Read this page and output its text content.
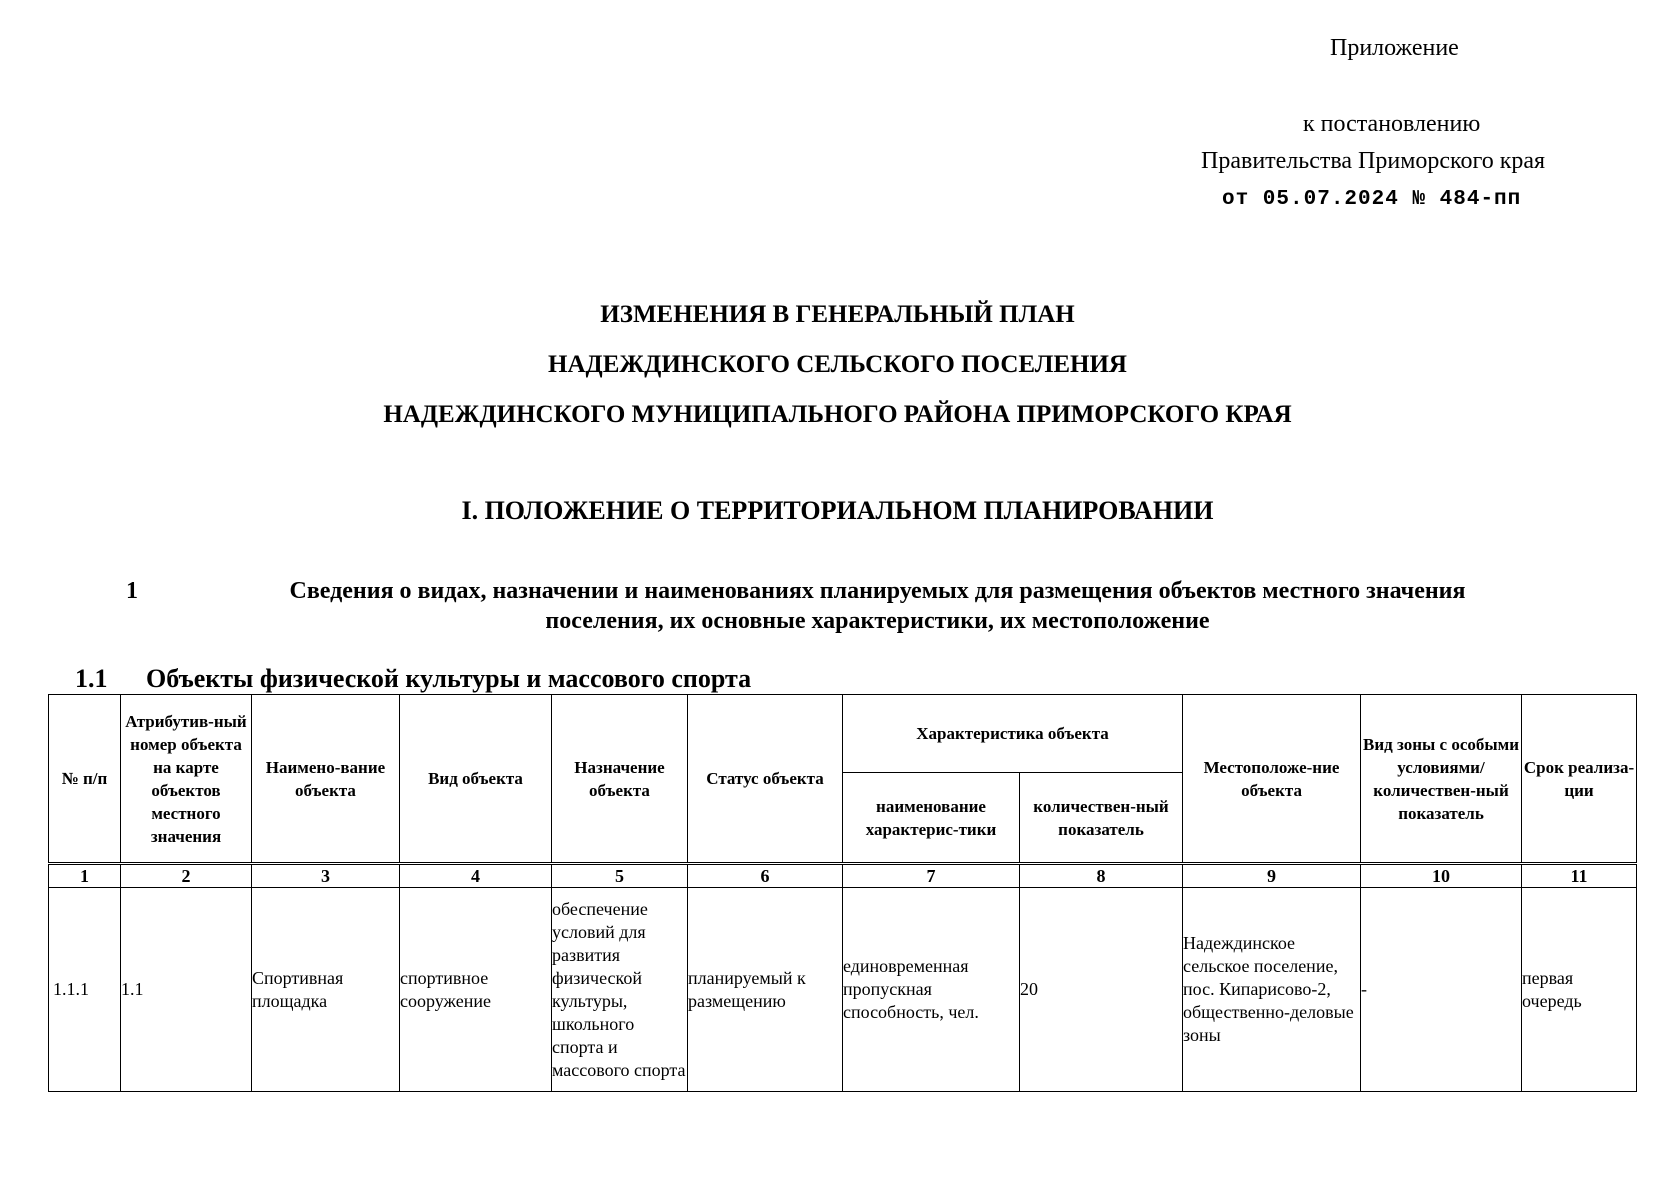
Приложение
к постановлению
Правительства Приморского края
от 05.07.2024 № 484-пп
ИЗМЕНЕНИЯ В ГЕНЕРАЛЬНЫЙ ПЛАН
НАДЕЖДИНСКОГО СЕЛЬСКОГО ПОСЕЛЕНИЯ
НАДЕЖДИНСКОГО МУНИЦИПАЛЬНОГО РАЙОНА ПРИМОРСКОГО КРАЯ
I. ПОЛОЖЕНИЕ О ТЕРРИТОРИАЛЬНОМ ПЛАНИРОВАНИИ
1	Сведения о видах, назначении и наименованиях планируемых для размещения объектов местного значения
поселения, их основные характеристики, их местоположение
1.1 Объекты физической культуры и массового спорта
№ п/п	Атрибутив-ный номер объекта на карте объектов местного значения	Наимено-вание объекта	Вид объекта	Назначение объекта	Статус объекта	Характеристика объекта		Местоположе-ние объекта	Вид зоны с особыми условиями/ количествен-ный показатель	Срок реализа-ции
						наименование характерис-тики	количествен-ный показатель			

1	2	3	4	5	6	7	8	9	10	11
1.1.1	1.1	Спортивная площадка	спортивное сооружение	обеспечение условий для развития физической культуры, школьного спорта и массового спорта	планируемый к размещению	единовременная пропускная способность, чел.	20	Надеждинское сельское поселение, пос. Кипарисово-2, общественно-деловые зоны	-	первая очередь
